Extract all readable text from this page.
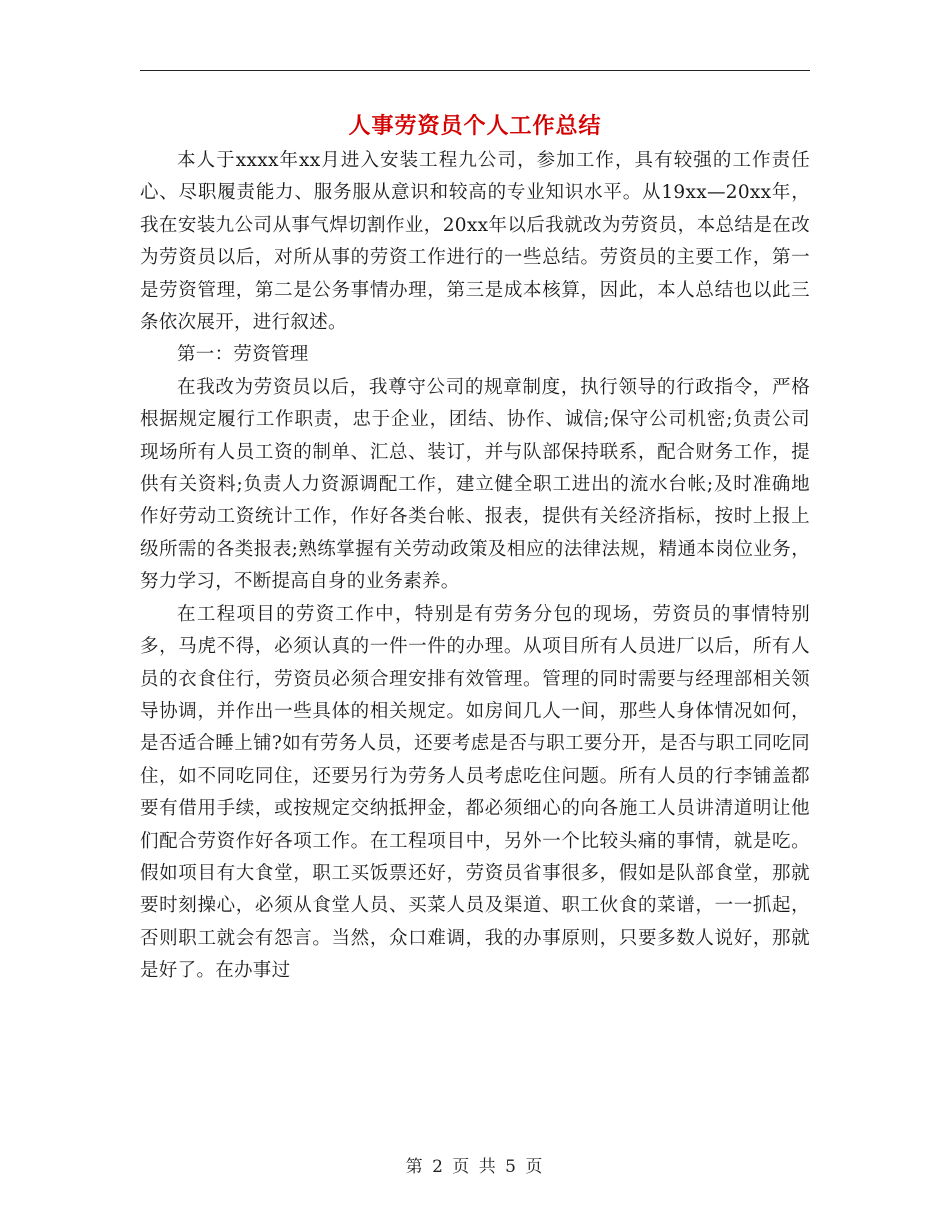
人事劳资员个人工作总结

本人于xxxx年xx月进入安装工程九公司，参加工作，具有较强的工作责任心、尽职履责能力、服务服从意识和较高的专业知识水平。从19xx—20xx年，我在安装九公司从事气焊切割作业，20xx年以后我就改为劳资员，本总结是在改为劳资员以后，对所从事的劳资工作进行的一些总结。劳资员的主要工作，第一是劳资管理，第二是公务事情办理，第三是成本核算，因此，本人总结也以此三条依次展开，进行叙述。

第一：劳资管理

在我改为劳资员以后，我尊守公司的规章制度，执行领导的行政指令，严格根据规定履行工作职责，忠于企业，团结、协作、诚信;保守公司机密;负责公司现场所有人员工资的制单、汇总、装订，并与队部保持联系，配合财务工作，提供有关资料;负责人力资源调配工作，建立健全职工进出的流水台帐;及时准确地作好劳动工资统计工作，作好各类台帐、报表，提供有关经济指标，按时上报上级所需的各类报表;熟练掌握有关劳动政策及相应的法律法规，精通本岗位业务，努力学习，不断提高自身的业务素养。

在工程项目的劳资工作中，特别是有劳务分包的现场，劳资员的事情特别多，马虎不得，必须认真的一件一件的办理。从项目所有人员进厂以后，所有人员的衣食住行，劳资员必须合理安排有效管理。管理的同时需要与经理部相关领导协调，并作出一些具体的相关规定。如房间几人一间，那些人身体情况如何，是否适合睡上铺?如有劳务人员，还要考虑是否与职工要分开，是否与职工同吃同住，如不同吃同住，还要另行为劳务人员考虑吃住问题。所有人员的行李铺盖都要有借用手续，或按规定交纳抵押金，都必须细心的向各施工人员讲清道明让他们配合劳资作好各项工作。在工程项目中，另外一个比较头痛的事情，就是吃。假如项目有大食堂，职工买饭票还好，劳资员省事很多，假如是队部食堂，那就要时刻操心，必须从食堂人员、买菜人员及渠道、职工伙食的菜谱，一一抓起，否则职工就会有怨言。当然，众口难调，我的办事原则，只要多数人说好，那就是好了。在办事过

第 2 页 共 5 页
